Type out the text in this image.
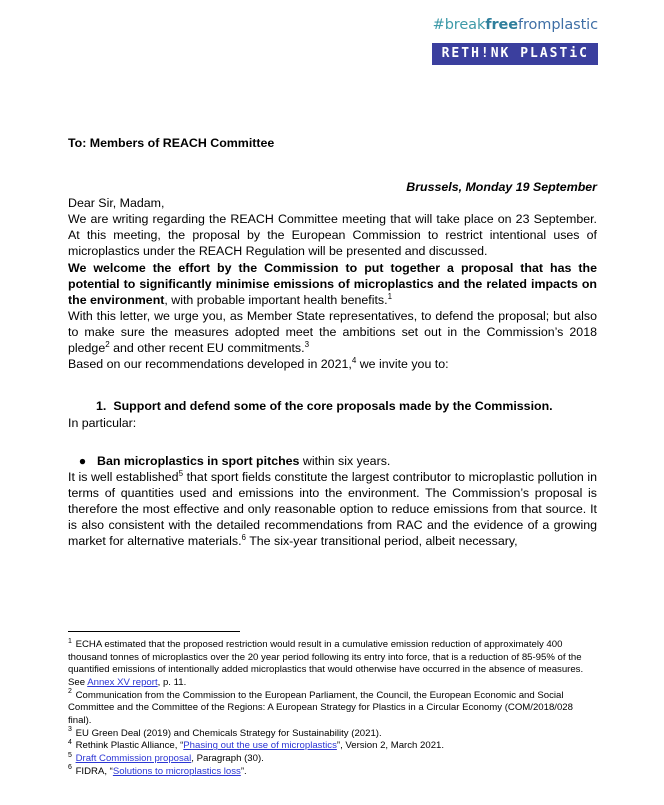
#breakfreefromplastic RETH!NK PLASTiC

To: Members of REACH Committee

Brussels, Monday 19 September

Dear Sir, Madam,

We are writing regarding the REACH Committee meeting that will take place on 23 September. At this meeting, the proposal by the European Commission to restrict intentional uses of microplastics under the REACH Regulation will be presented and discussed.

We welcome the effort by the Commission to put together a proposal that has the potential to significantly minimise emissions of microplastics and the related impacts on the environment, with probable important health benefits.$^1$

With this letter, we urge you, as Member State representatives, to defend the proposal; but also to make sure the measures adopted meet the ambitions set out in the Commission’s 2018 pledge$^2$ and other recent EU commitments.$^3$

Based on our recommendations developed in 2021,$^4$ we invite you to:

1. Support and defend some of the core proposals made by the Commission.

In particular:

● Ban microplastics in sport pitches within six years.

It is well established$^5$ that sport fields constitute the largest contributor to microplastic pollution in terms of quantities used and emissions into the environment. The Commission’s proposal is therefore the most effective and only reasonable option to reduce emissions from that source. It is also consistent with the detailed recommendations from RAC and the evidence of a growing market for alternative materials.$^6$ The six-year transitional period, albeit necessary,

$^1$ ECHA estimated that the proposed restriction would result in a cumulative emission reduction of approximately 400 thousand tonnes of microplastics over the 20 year period following its entry into force, that is a reduction of 85-95% of the quantified emissions of intentionally added microplastics that would otherwise have occurred in the absence of measures. See Annex XV report, p. 11.

$^2$ Communication from the Commission to the European Parliament, the Council, the European Economic and Social Committee and the Committee of the Regions: A European Strategy for Plastics in a Circular Economy (COM/2018/028 final).

$^3$ EU Green Deal (2019) and Chemicals Strategy for Sustainability (2021).

$^4$ Rethink Plastic Alliance, “Phasing out the use of microplastics”, Version 2, March 2021.

$^5$ Draft Commission proposal, Paragraph (30).

$^6$ FIDRA, “Solutions to microplastics loss”.
